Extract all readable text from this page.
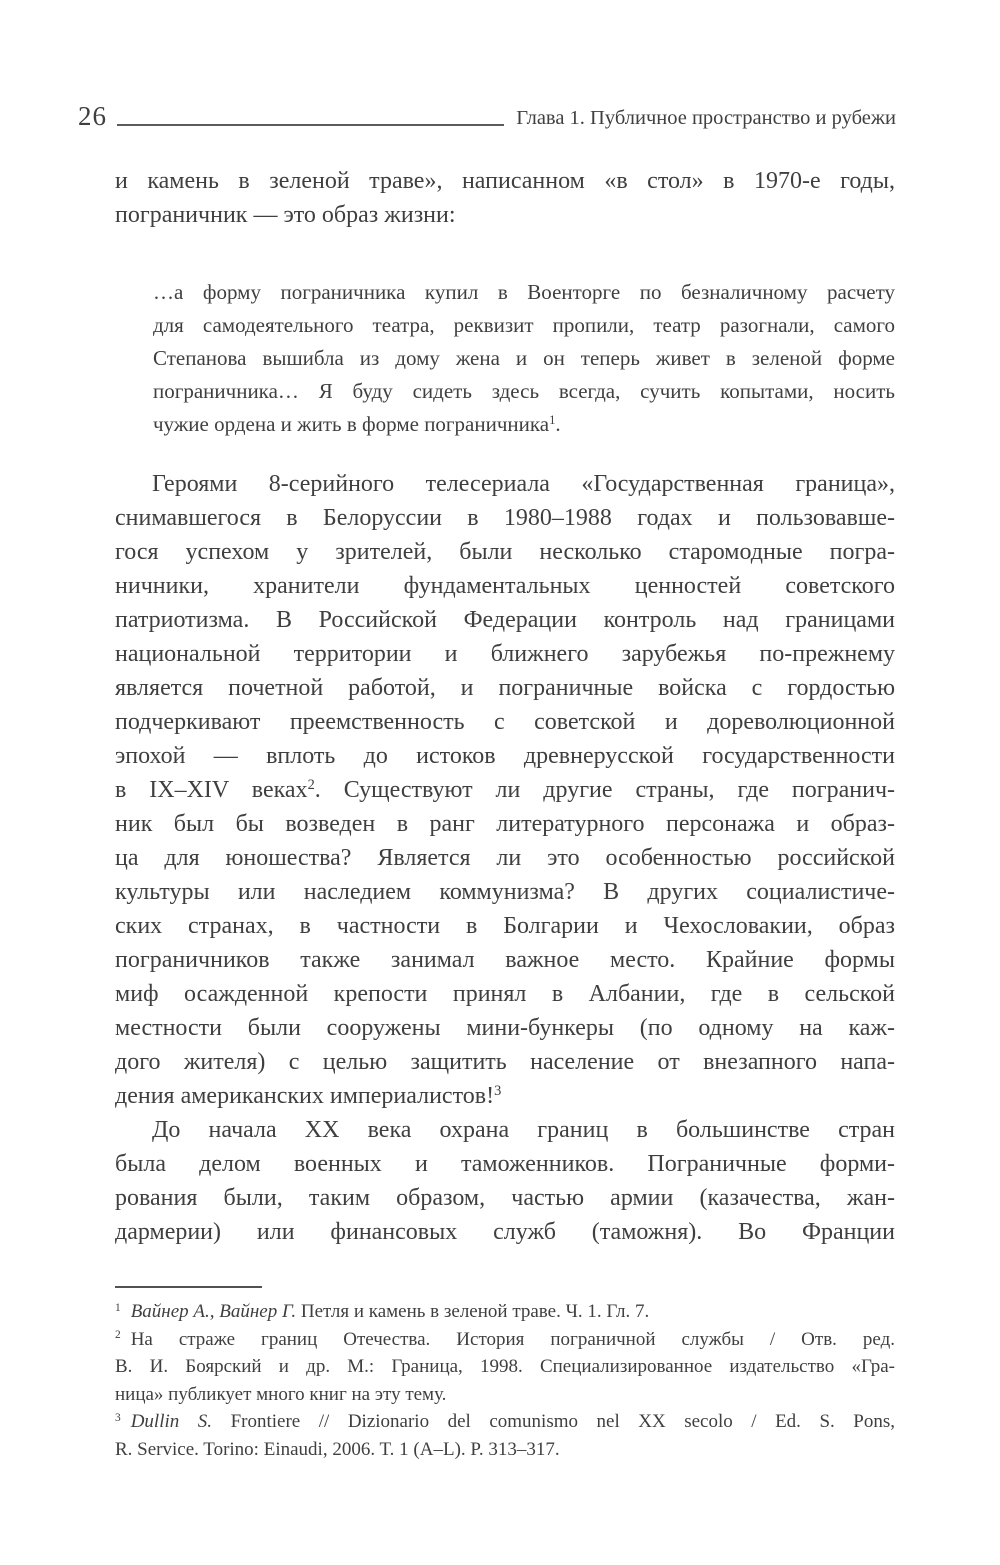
26	Глава 1. Публичное пространство и рубежи
и камень в зеленой траве», написанном «в стол» в 1970-е годы,
пограничник — это образ жизни:
…а форму пограничника купил в Военторге по безналичному расчету
для самодеятельного театра, реквизит пропили, театр разогнали, самого
Степанова вышибла из дому жена и он теперь живет в зеленой форме
пограничника… Я буду сидеть здесь всегда, сучить копытами, носить
чужие ордена и жить в форме пограничника$^1$.
Героями 8-серийного телесериала «Государственная граница»,
снимавшегося в Белоруссии в 1980–1988 годах и пользовавше-
гося успехом у зрителей, были несколько старомодные погра-
ничники, хранители фундаментальных ценностей советского
патриотизма. В Российской Федерации контроль над границами
национальной территории и ближнего зарубежья по-прежнему
является почетной работой, и пограничные войска с гордостью
подчеркивают преемственность с советской и дореволюционной
эпохой — вплоть до истоков древнерусской государственности
в IX–XIV веках$^2$. Существуют ли другие страны, где погранич-
ник был бы возведен в ранг литературного персонажа и образ-
ца для юношества? Является ли это особенностью российской
культуры или наследием коммунизма? В других социалистиче-
ских странах, в частности в Болгарии и Чехословакии, образ
пограничников также занимал важное место. Крайние формы
миф осажденной крепости принял в Албании, где в сельской
местности были сооружены мини-бункеры (по одному на каж-
дого жителя) с целью защитить население от внезапного напа-
дения американских империалистов!$^3$
До начала XX века охрана границ в большинстве стран
была делом военных и таможенников. Пограничные форми-
рования были, таким образом, частью армии (казачества, жан-
дармерии) или финансовых служб (таможня). Во Франции
$^1$ Вайнер А., Вайнер Г. Петля и камень в зеленой траве. Ч. 1. Гл. 7.
$^2$ На страже границ Отечества. История пограничной службы / Отв. ред.
В. И. Боярский и др. М.: Граница, 1998. Специализированное издательство «Гра-
ница» публикует много книг на эту тему.
$^3$ Dullin S. Frontiere // Dizionario del comunismo nel XX secolo / Ed. S. Pons,
R. Service. Torino: Einaudi, 2006. T. 1 (A–L). P. 313–317.
